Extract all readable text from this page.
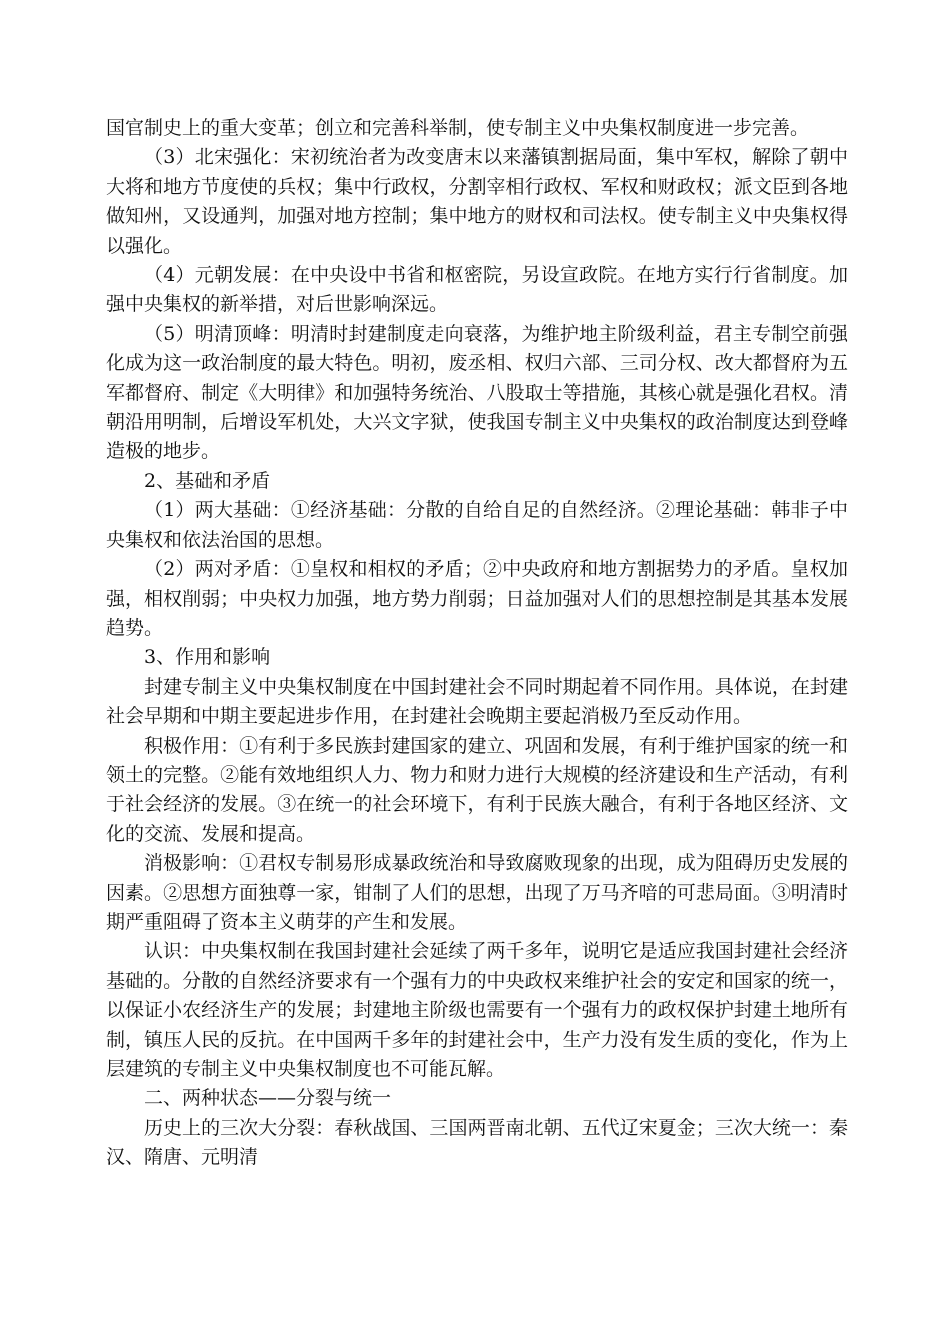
国官制史上的重大变革；创立和完善科举制，使专制主义中央集权制度进一步完善。

（3）北宋强化：宋初统治者为改变唐末以来藩镇割据局面，集中军权，解除了朝中大将和地方节度使的兵权；集中行政权，分割宰相行政权、军权和财政权；派文臣到各地做知州，又设通判，加强对地方控制；集中地方的财权和司法权。使专制主义中央集权得以强化。

（4）元朝发展：在中央设中书省和枢密院，另设宣政院。在地方实行行省制度。加强中央集权的新举措，对后世影响深远。

（5）明清顶峰：明清时封建制度走向衰落，为维护地主阶级利益，君主专制空前强化成为这一政治制度的最大特色。明初，废丞相、权归六部、三司分权、改大都督府为五军都督府、制定《大明律》和加强特务统治、八股取士等措施，其核心就是强化君权。清朝沿用明制，后增设军机处，大兴文字狱，使我国专制主义中央集权的政治制度达到登峰造极的地步。

2、基础和矛盾

（1）两大基础：①经济基础：分散的自给自足的自然经济。②理论基础：韩非子中央集权和依法治国的思想。

（2）两对矛盾：①皇权和相权的矛盾；②中央政府和地方割据势力的矛盾。皇权加强，相权削弱；中央权力加强，地方势力削弱；日益加强对人们的思想控制是其基本发展趋势。

3、作用和影响

封建专制主义中央集权制度在中国封建社会不同时期起着不同作用。具体说，在封建社会早期和中期主要起进步作用，在封建社会晚期主要起消极乃至反动作用。

积极作用：①有利于多民族封建国家的建立、巩固和发展，有利于维护国家的统一和领土的完整。②能有效地组织人力、物力和财力进行大规模的经济建设和生产活动，有利于社会经济的发展。③在统一的社会环境下，有利于民族大融合，有利于各地区经济、文化的交流、发展和提高。

消极影响：①君权专制易形成暴政统治和导致腐败现象的出现，成为阻碍历史发展的因素。②思想方面独尊一家，钳制了人们的思想，出现了万马齐喑的可悲局面。③明清时期严重阻碍了资本主义萌芽的产生和发展。

认识：中央集权制在我国封建社会延续了两千多年，说明它是适应我国封建社会经济基础的。分散的自然经济要求有一个强有力的中央政权来维护社会的安定和国家的统一，以保证小农经济生产的发展；封建地主阶级也需要有一个强有力的政权保护封建土地所有制，镇压人民的反抗。在中国两千多年的封建社会中，生产力没有发生质的变化，作为上层建筑的专制主义中央集权制度也不可能瓦解。

二、两种状态——分裂与统一

历史上的三次大分裂：春秋战国、三国两晋南北朝、五代辽宋夏金；三次大统一：秦汉、隋唐、元明清
